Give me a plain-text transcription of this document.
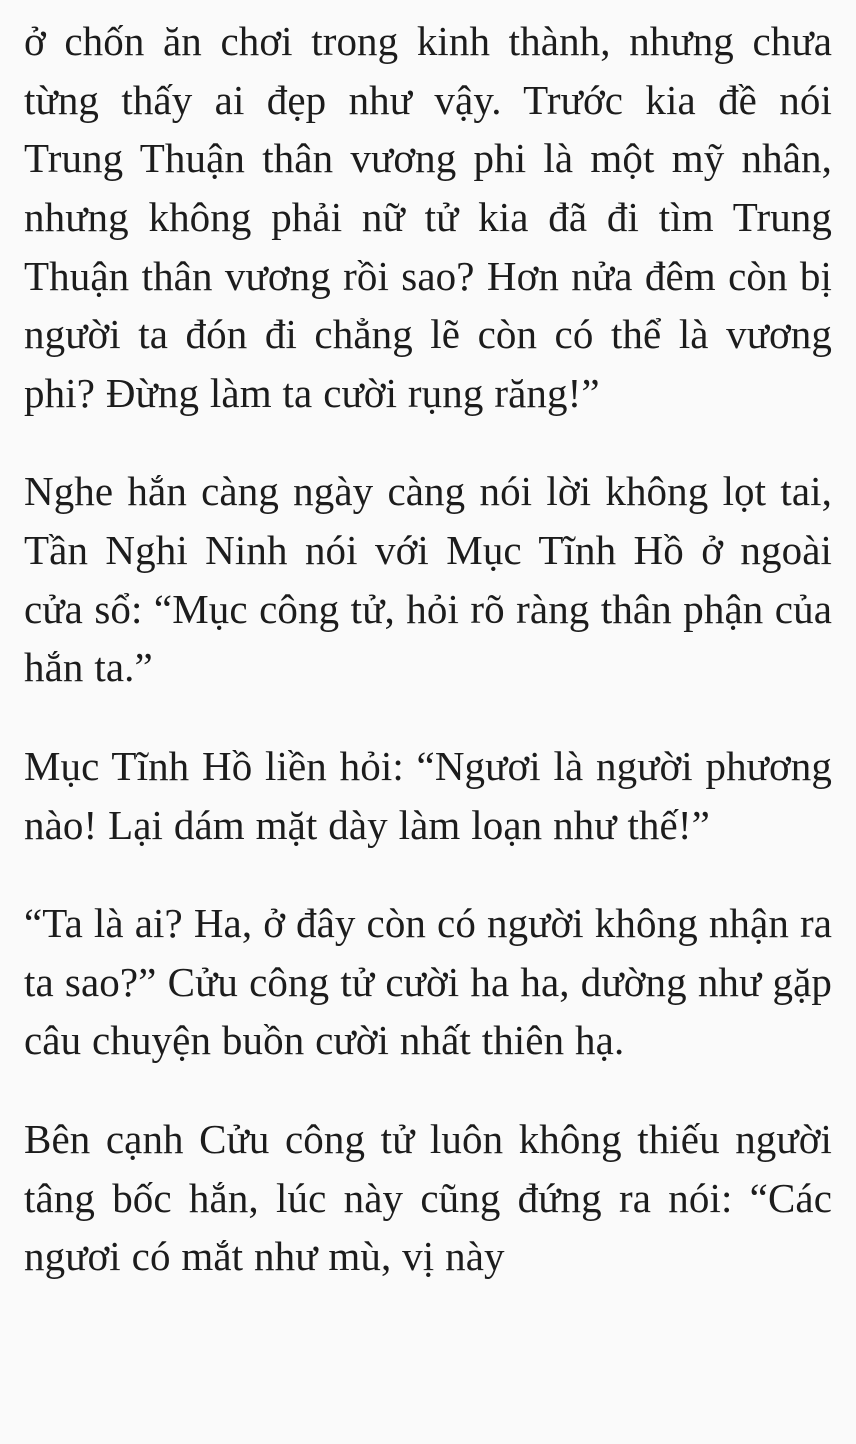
ở chốn ăn chơi trong kinh thành, nhưng chưa từng thấy ai đẹp như vậy. Trước kia đề nói Trung Thuận thân vương phi là một mỹ nhân, nhưng không phải nữ tử kia đã đi tìm Trung Thuận thân vương rồi sao? Hơn nửa đêm còn bị người ta đón đi chẳng lẽ còn có thể là vương phi? Đừng làm ta cười rụng răng!”

Nghe hắn càng ngày càng nói lời không lọt tai, Tần Nghi Ninh nói với Mục Tĩnh Hồ ở ngoài cửa sổ: “Mục công tử, hỏi rõ ràng thân phận của hắn ta.”

Mục Tĩnh Hồ liền hỏi: “Ngươi là người phương nào! Lại dám mặt dày làm loạn như thế!”

“Ta là ai? Ha, ở đây còn có người không nhận ra ta sao?” Cửu công tử cười ha ha, dường như gặp câu chuyện buồn cười nhất thiên hạ.

Bên cạnh Cửu công tử luôn không thiếu người tâng bốc hắn, lúc này cũng đứng ra nói: “Các ngươi có mắt như mù, vị này
